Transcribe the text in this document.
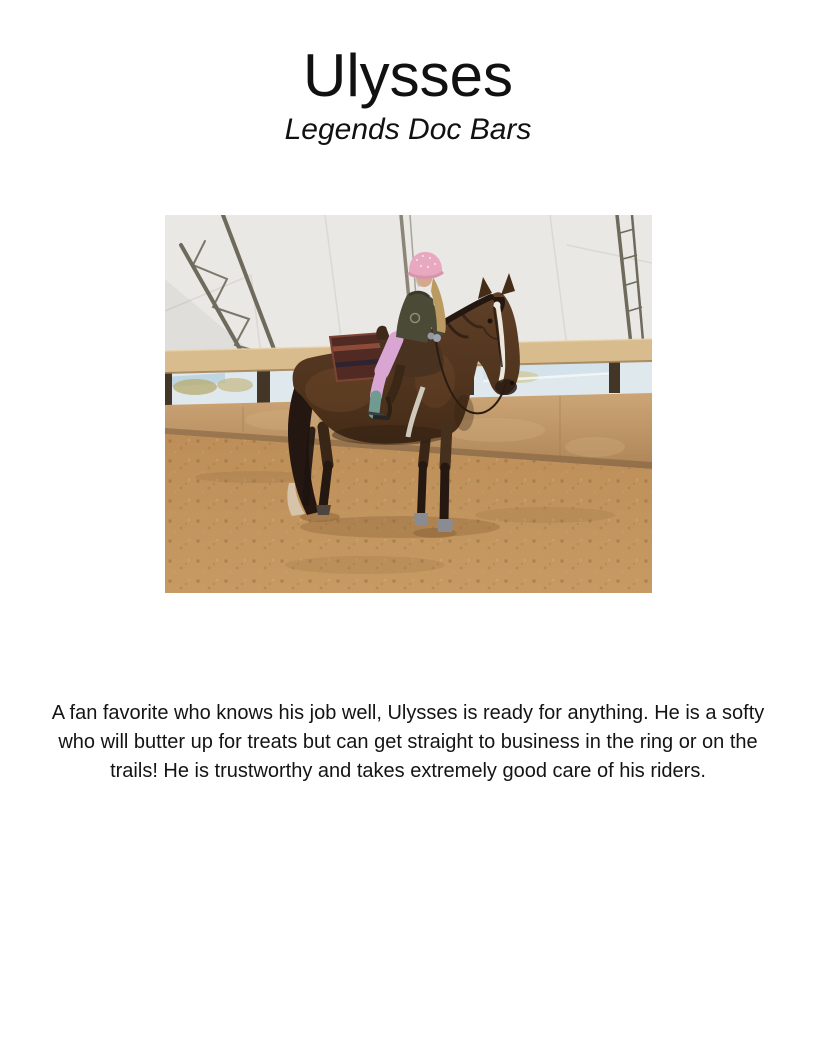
Ulysses
Legends Doc Bars

A fan favorite who knows his job well, Ulysses is ready for anything. He is a softy who will butter up for treats but can get straight to business in the ring or on the trails! He is trustworthy and takes extremely good care of his riders.
